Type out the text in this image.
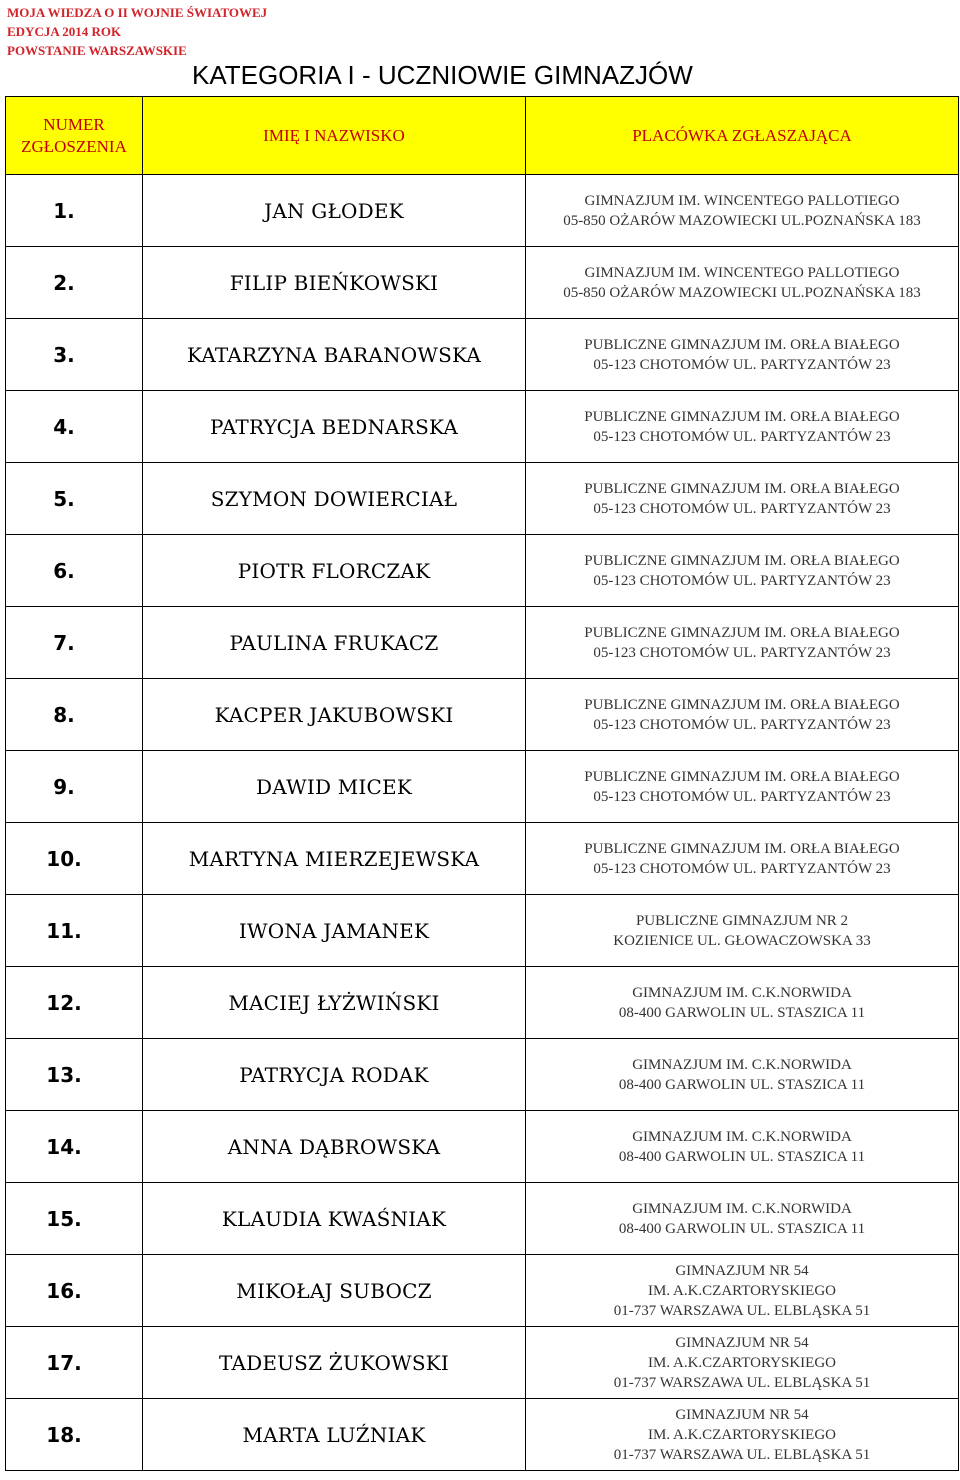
MOJA WIEDZA O II WOJNIE ŚWIATOWEJ
EDYCJA 2014 ROK
POWSTANIE WARSZAWSKIE
KATEGORIA I - UCZNIOWIE GIMNAZJÓW
NUMER
ZGŁOSZENIA	IMIĘ I NAZWISKO	PLACÓWKA ZGŁASZAJĄCA
1.	JAN GŁODEK	GIMNAZJUM IM. WINCENTEGO PALLOTIEGO
05-850 OŻARÓW MAZOWIECKI UL.POZNAŃSKA 183

2.	FILIP BIEŃKOWSKI	GIMNAZJUM IM. WINCENTEGO PALLOTIEGO
05-850 OŻARÓW MAZOWIECKI UL.POZNAŃSKA 183

3.	KATARZYNA BARANOWSKA	PUBLICZNE GIMNAZJUM IM. ORŁA BIAŁEGO
05-123 CHOTOMÓW UL. PARTYZANTÓW 23

4.	PATRYCJA BEDNARSKA	PUBLICZNE GIMNAZJUM IM. ORŁA BIAŁEGO
05-123 CHOTOMÓW UL. PARTYZANTÓW 23

5.	SZYMON DOWIERCIAŁ	PUBLICZNE GIMNAZJUM IM. ORŁA BIAŁEGO
05-123 CHOTOMÓW UL. PARTYZANTÓW 23

6.	PIOTR FLORCZAK	PUBLICZNE GIMNAZJUM IM. ORŁA BIAŁEGO
05-123 CHOTOMÓW UL. PARTYZANTÓW 23

7.	PAULINA FRUKACZ	PUBLICZNE GIMNAZJUM IM. ORŁA BIAŁEGO
05-123 CHOTOMÓW UL. PARTYZANTÓW 23

8.	KACPER JAKUBOWSKI	PUBLICZNE GIMNAZJUM IM. ORŁA BIAŁEGO
05-123 CHOTOMÓW UL. PARTYZANTÓW 23

9.	DAWID MICEK	PUBLICZNE GIMNAZJUM IM. ORŁA BIAŁEGO
05-123 CHOTOMÓW UL. PARTYZANTÓW 23

10.	MARTYNA MIERZEJEWSKA	PUBLICZNE GIMNAZJUM IM. ORŁA BIAŁEGO
05-123 CHOTOMÓW UL. PARTYZANTÓW 23

11.	IWONA JAMANEK	PUBLICZNE GIMNAZJUM NR 2
KOZIENICE UL. GŁOWACZOWSKA 33

12.	MACIEJ ŁYŻWIŃSKI	GIMNAZJUM IM. C.K.NORWIDA
08-400 GARWOLIN UL. STASZICA 11

13.	PATRYCJA RODAK	GIMNAZJUM IM. C.K.NORWIDA
08-400 GARWOLIN UL. STASZICA 11

14.	ANNA DĄBROWSKA	GIMNAZJUM IM. C.K.NORWIDA
08-400 GARWOLIN UL. STASZICA 11

15.	KLAUDIA KWAŚNIAK	GIMNAZJUM IM. C.K.NORWIDA
08-400 GARWOLIN UL. STASZICA 11

16.	MIKOŁAJ SUBOCZ	GIMNAZJUM NR 54
IM. A.K.CZARTORYSKIEGO
01-737 WARSZAWA UL. ELBLĄSKA 51

17.	TADEUSZ ŻUKOWSKI	GIMNAZJUM NR 54
IM. A.K.CZARTORYSKIEGO
01-737 WARSZAWA UL. ELBLĄSKA 51

18.	MARTA LUŹNIAK	GIMNAZJUM NR 54
IM. A.K.CZARTORYSKIEGO
01-737 WARSZAWA UL. ELBLĄSKA 51
